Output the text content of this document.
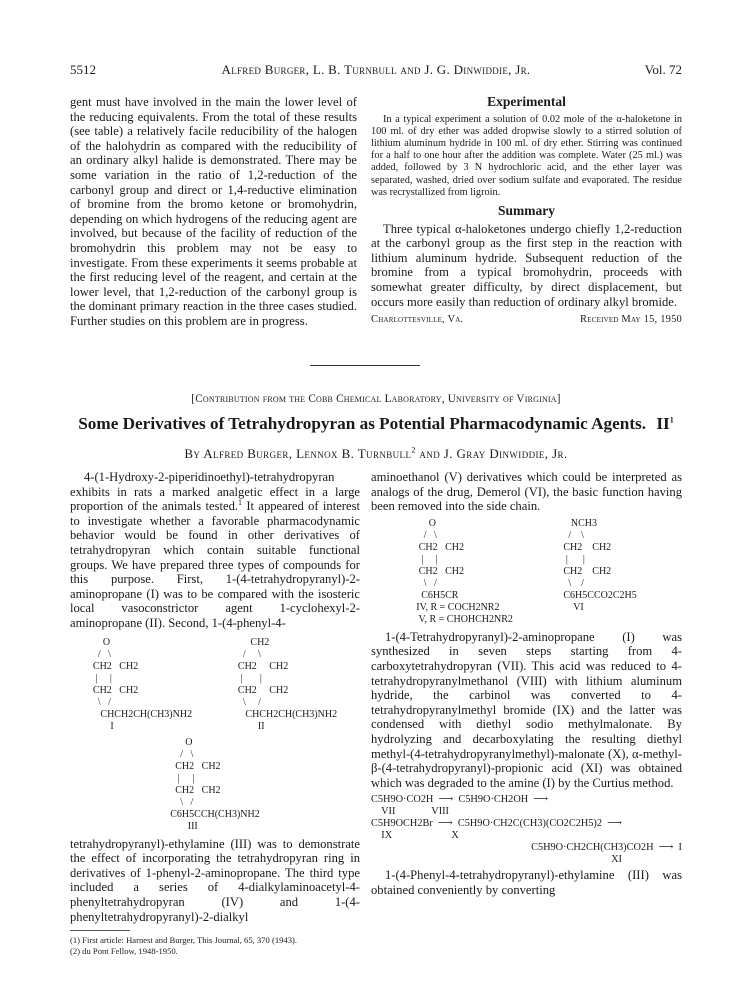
5512	Alfred Burger, L. B. Turnbull and J. G. Dinwiddie, Jr.	Vol. 72

gent must have involved in the main the lower level of the reducing equivalents. From the total of these results (see table) a relatively facile reducibility of the halogen of the halohydrin as compared with the reducibility of an ordinary alkyl halide is demonstrated. There may be some variation in the ratio of 1,2-reduction of the carbonyl group and direct or 1,4-reductive elimination of bromine from the bromo ketone or bromohydrin, depending on which hydrogens of the reducing agent are involved, but because of the facility of reduction of the bromohydrin this problem may not be easy to investigate. From these experiments it seems probable at the first reducing level of the reagent, and certain at the lower level, that 1,2-reduction of the carbonyl group is the dominant primary reaction in the three cases studied. Further studies on this problem are in progress.

Experimental

In a typical experiment a solution of 0.02 mole of the α-haloketone in 100 ml. of dry ether was added dropwise slowly to a stirred solution of lithium aluminum hydride in 100 ml. of dry ether. Stirring was continued for a half to one hour after the addition was complete. Water (25 ml.) was added, followed by 3 N hydrochloric acid, and the ether layer was separated, washed, dried over sodium sulfate and evaporated. The residue was recrystallized from ligroin.

Summary

Three typical α-haloketones undergo chiefly 1,2-reduction at the carbonyl group as the first step in the reaction with lithium aluminum hydride. Subsequent reduction of the bromine from a typical bromohydrin, proceeds with somewhat greater difficulty, by direct displacement, but occurs more easily than reduction of ordinary alkyl bromide.

Charlottesville, Va.	Received May 15, 1950

[Contribution from the Cobb Chemical Laboratory, University of Virginia]
Some Derivatives of Tetrahydropyran as Potential Pharmacodynamic Agents. $II^1$
By Alfred Burger, Lennox B. Turnbull$^2$ and J. Gray Dinwiddie, Jr.

4-(1-Hydroxy-2-piperidinoethyl)-tetrahydropyran exhibits in rats a marked analgetic effect in a large proportion of the animals tested.$^1$ It appeared of interest to investigate whether a favorable pharmacodynamic behavior would be found in other derivatives of tetrahydropyran which contain suitable functional groups. We have prepared three types of compounds for this purpose. First, 1-(4-tetrahydropyranyl)-2-aminopropane (I) was to be compared with the isosteric local vasoconstrictor agent 1-cyclohexyl-2-aminopropane (II). Second, 1-(4-phenyl-4-

O
/   \
CH2   CH2
|     |
CH2   CH2
\   /
CHCH2CH(CH3)NH2
I
CH2
/     \
CH2     CH2
|       |
CH2     CH2
\     /
CHCH2CH(CH3)NH2
II
O
/   \
CH2   CH2
|     |
CH2   CH2
\   /
C6H5CCH(CH3)NH2
III

tetrahydropyranyl)-ethylamine (III) was to demonstrate the effect of incorporating the tetrahydropyran ring in derivatives of 1-phenyl-2-aminopropane. The third type included a series of 4-dialkylaminoacetyl-4-phenyltetrahydropyran (IV) and 1-(4-phenyltetrahydropyranyl)-2-dialkyl

(1) First article: Harnest and Burger, This Journal, 65, 370 (1943).

(2) du Pont Fellow, 1948-1950.

aminoethanol (V) derivatives which could be interpreted as analogs of the drug, Demerol (VI), the basic function having been removed into the side chain.

O
/   \
CH2   CH2
|     |
CH2   CH2
\   /
C6H5CR
IV, R = COCH2NR2
V, R = CHOHCH2NR2
NCH3
/    \
CH2    CH2
|      |
CH2    CH2
\    /
C6H5CCO2C2H5
VI

1-(4-Tetrahydropyranyl)-2-aminopropane (I) was synthesized in seven steps starting from 4-carboxytetrahydropyran (VII). This acid was reduced to 4-tetrahydropyranylmethanol (VIII) with lithium aluminum hydride, the carbinol was converted to 4-tetrahydropyranylmethyl bromide (IX) and the latter was condensed with diethyl sodio methylmalonate. By hydrolyzing and decarboxylating the resulting diethyl methyl-(4-tetrahydropyranylmethyl)-malonate (X), α-methyl-β-(4-tetrahydropyranyl)-propionic acid (XI) was obtained which was degraded to the amine (I) by the Curtius method.

C5H9O·CO2H  ⟶  C5H9O·CH2OH  ⟶
VII              VIII
C5H9OCH2Br  ⟶  C5H9O·CH2C(CH3)(CO2C2H5)2  ⟶
IX                       X
C5H9O·CH2CH(CH3)CO2H  ⟶  I
XI

1-(4-Phenyl-4-tetrahydropyranyl)-ethylamine (III) was obtained conveniently by converting
